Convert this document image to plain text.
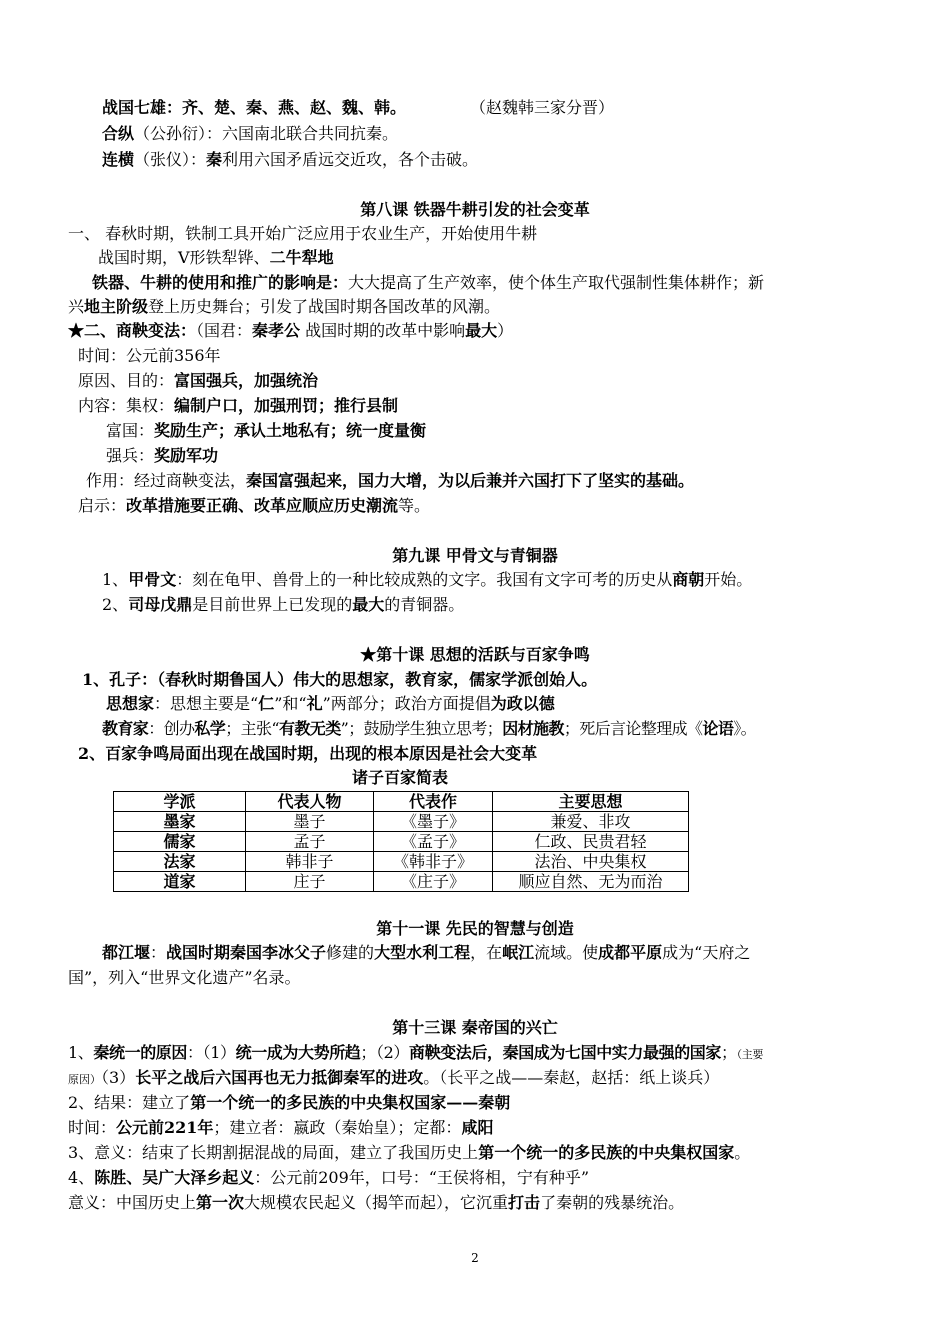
战国七雄：齐、楚、秦、燕、赵、魏、韩。	（赵魏韩三家分晋）
合纵（公孙衍）：六国南北联合共同抗秦。
连横（张仪）：秦利用六国矛盾远交近攻，各个击破。
第八课 铁器牛耕引发的社会变革
一、 春秋时期，铁制工具开始广泛应用于农业生产，开始使用牛耕
战国时期，V形铁犁铧、二牛犁地
铁器、牛耕的使用和推广的影响是：大大提高了生产效率，使个体生产取代强制性集体耕作；新
兴地主阶级登上历史舞台；引发了战国时期各国改革的风潮。
★二、商鞅变法：（国君：秦孝公 战国时期的改革中影响最大）
时间：公元前356年
原因、目的：富国强兵，加强统治
内容：集权：编制户口，加强刑罚；推行县制
富国：奖励生产；承认土地私有；统一度量衡
强兵：奖励军功
作用：经过商鞅变法，秦国富强起来，国力大增，为以后兼并六国打下了坚实的基础。
启示：改革措施要正确、改革应顺应历史潮流等。
第九课 甲骨文与青铜器
1、甲骨文：刻在龟甲、兽骨上的一种比较成熟的文字。我国有文字可考的历史从商朝开始。
2、司母戊鼎是目前世界上已发现的最大的青铜器。
★第十课 思想的活跃与百家争鸣
1、孔子：（春秋时期鲁国人）伟大的思想家，教育家，儒家学派创始人。
思想家：思想主要是“仁”和“礼”两部分；政治方面提倡为政以德
教育家：创办私学；主张“有教无类”；鼓励学生独立思考；因材施教；死后言论整理成《论语》。
2、百家争鸣局面出现在战国时期，出现的根本原因是社会大变革
诸子百家简表
学派	代表人物	代表作	主要思想
墨家	墨子	《墨子》	兼爱、非攻
儒家	孟子	《孟子》	仁政、民贵君轻
法家	韩非子	《韩非子》	法治、中央集权
道家	庄子	《庄子》	顺应自然、无为而治
第十一课 先民的智慧与创造
都江堰：战国时期秦国李冰父子修建的大型水利工程，在岷江流域。使成都平原成为“天府之
国”，列入“世界文化遗产”名录。
第十三课 秦帝国的兴亡
1、秦统一的原因：（1）统一成为大势所趋；（2）商鞅变法后，秦国成为七国中实力最强的国家；（主要
原因）（3）长平之战后六国再也无力抵御秦军的进攻。（长平之战——秦赵，赵括：纸上谈兵）
2、结果：建立了第一个统一的多民族的中央集权国家——秦朝
时间：公元前221年；建立者：嬴政（秦始皇）；定都：咸阳
3、意义：结束了长期割据混战的局面，建立了我国历史上第一个统一的多民族的中央集权国家。
4、陈胜、吴广大泽乡起义：公元前209年，口号：“王侯将相，宁有种乎”
意义：中国历史上第一次大规模农民起义（揭竿而起），它沉重打击了秦朝的残暴统治。
2
